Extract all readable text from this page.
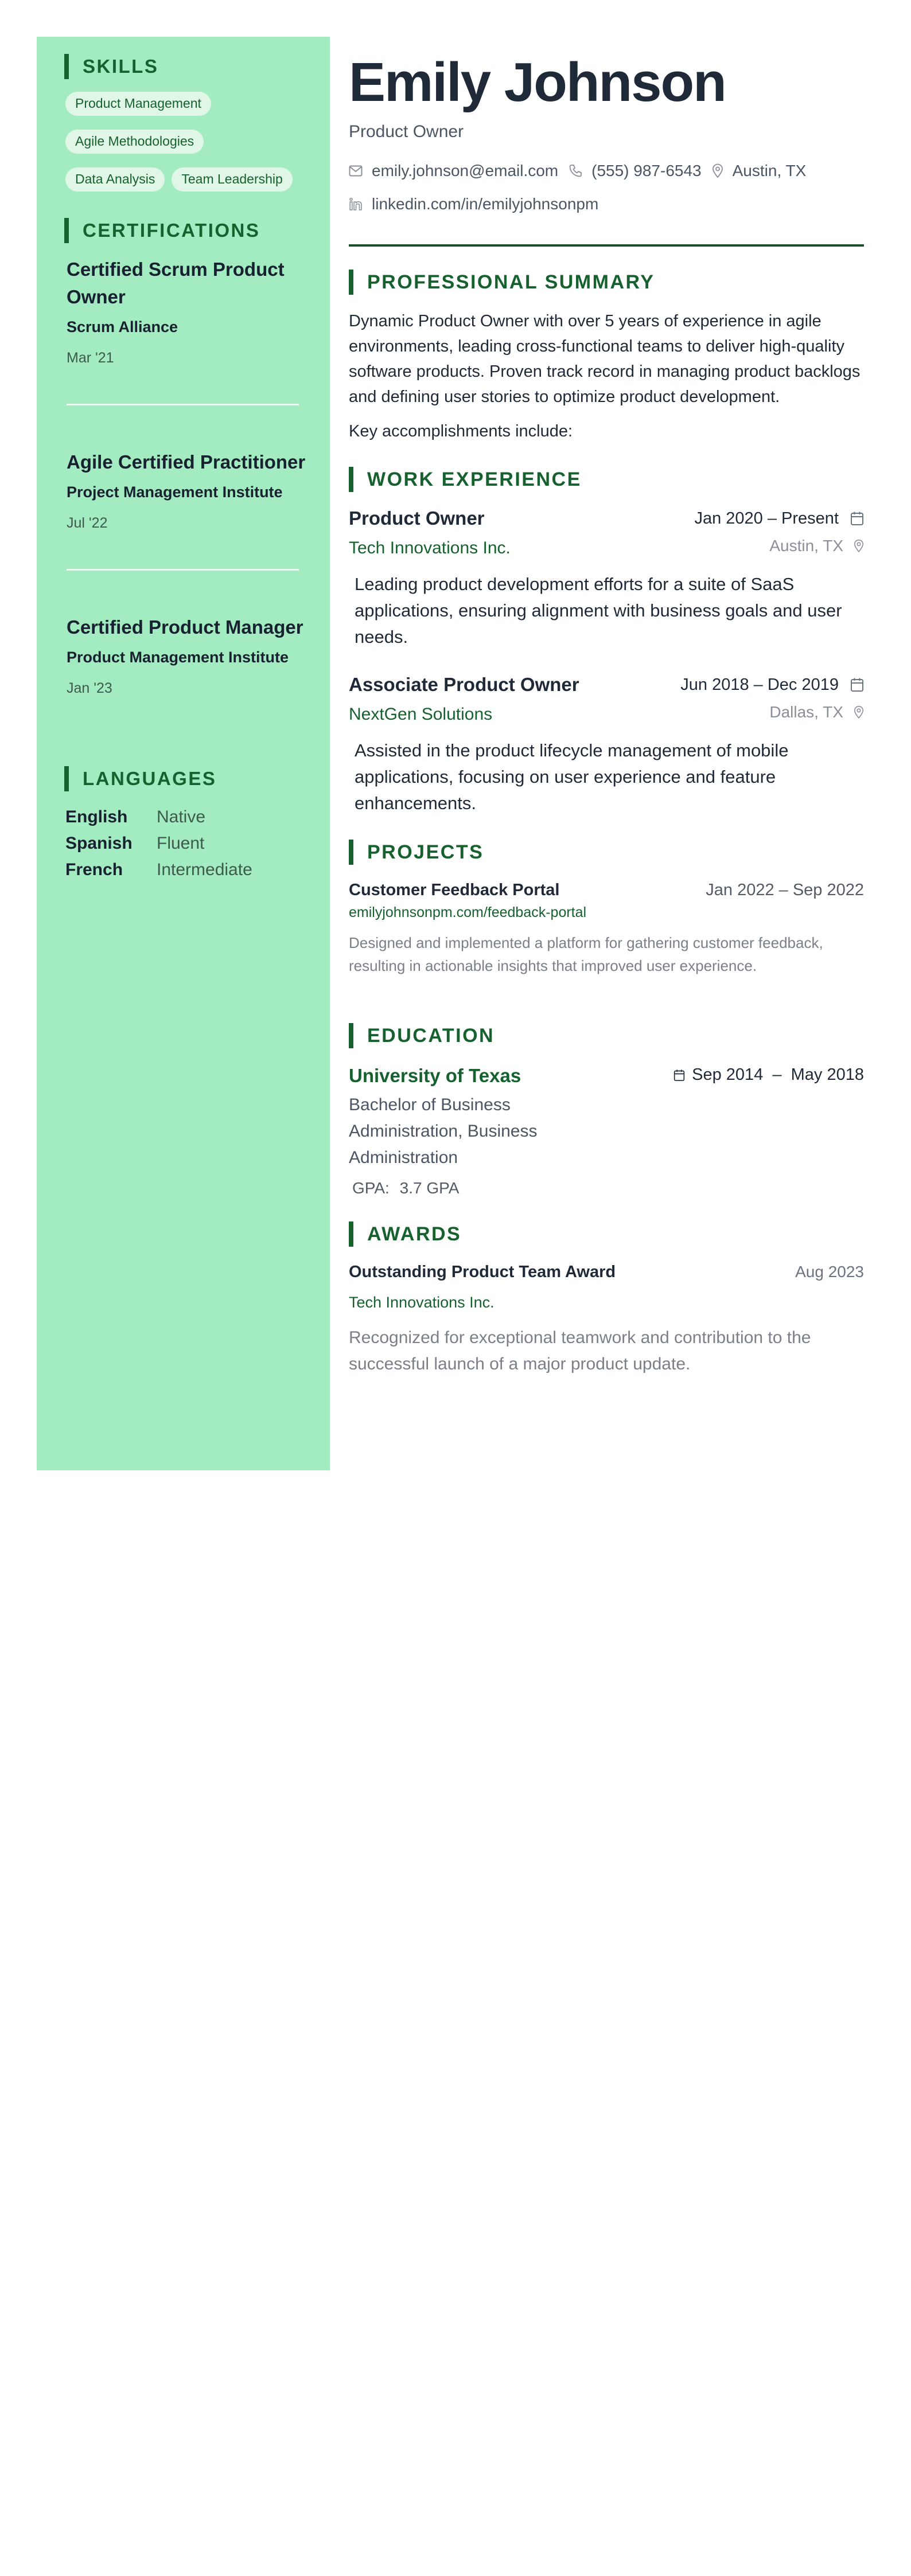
SKILLS
Product Management
Agile Methodologies
Data Analysis	Team Leadership
CERTIFICATIONS
Certified Scrum Product Owner
Scrum Alliance
Mar '21
Agile Certified Practitioner
Project Management Institute
Jul '22
Certified Product Manager
Product Management Institute
Jan '23
LANGUAGES
English	Native
Spanish	Fluent
French	Intermediate
Emily Johnson
Product Owner
emily.johnson@email.com (555) 987-6543 Austin, TX
linkedin.com/in/emilyjohnsonpm
PROFESSIONAL SUMMARY

Dynamic Product Owner with over 5 years of experience in agile environments, leading cross-functional teams to deliver high-quality software products. Proven track record in managing product backlogs and defining user stories to optimize product development.

Key accomplishments include:

WORK EXPERIENCE
Product Owner	Jan 2020 – Present
Tech Innovations Inc.	Austin, TX

Leading product development efforts for a suite of SaaS applications, ensuring alignment with business goals and user needs.

Associate Product Owner	Jun 2018 – Dec 2019
NextGen Solutions	Dallas, TX

Assisted in the product lifecycle management of mobile applications, focusing on user experience and feature enhancements.

PROJECTS
Customer Feedback Portal	Jan 2022 – Sep 2022
emilyjohnsonpm.com/feedback-portal

Designed and implemented a platform for gathering customer feedback, resulting in actionable insights that improved user experience.

EDUCATION
University of Texas	Sep 2014  –  May 2018
Bachelor of Business Administration, Business Administration
GPA: 3.7 GPA
AWARDS
Outstanding Product Team Award	Aug 2023
Tech Innovations Inc.

Recognized for exceptional teamwork and contribution to the successful launch of a major product update.
